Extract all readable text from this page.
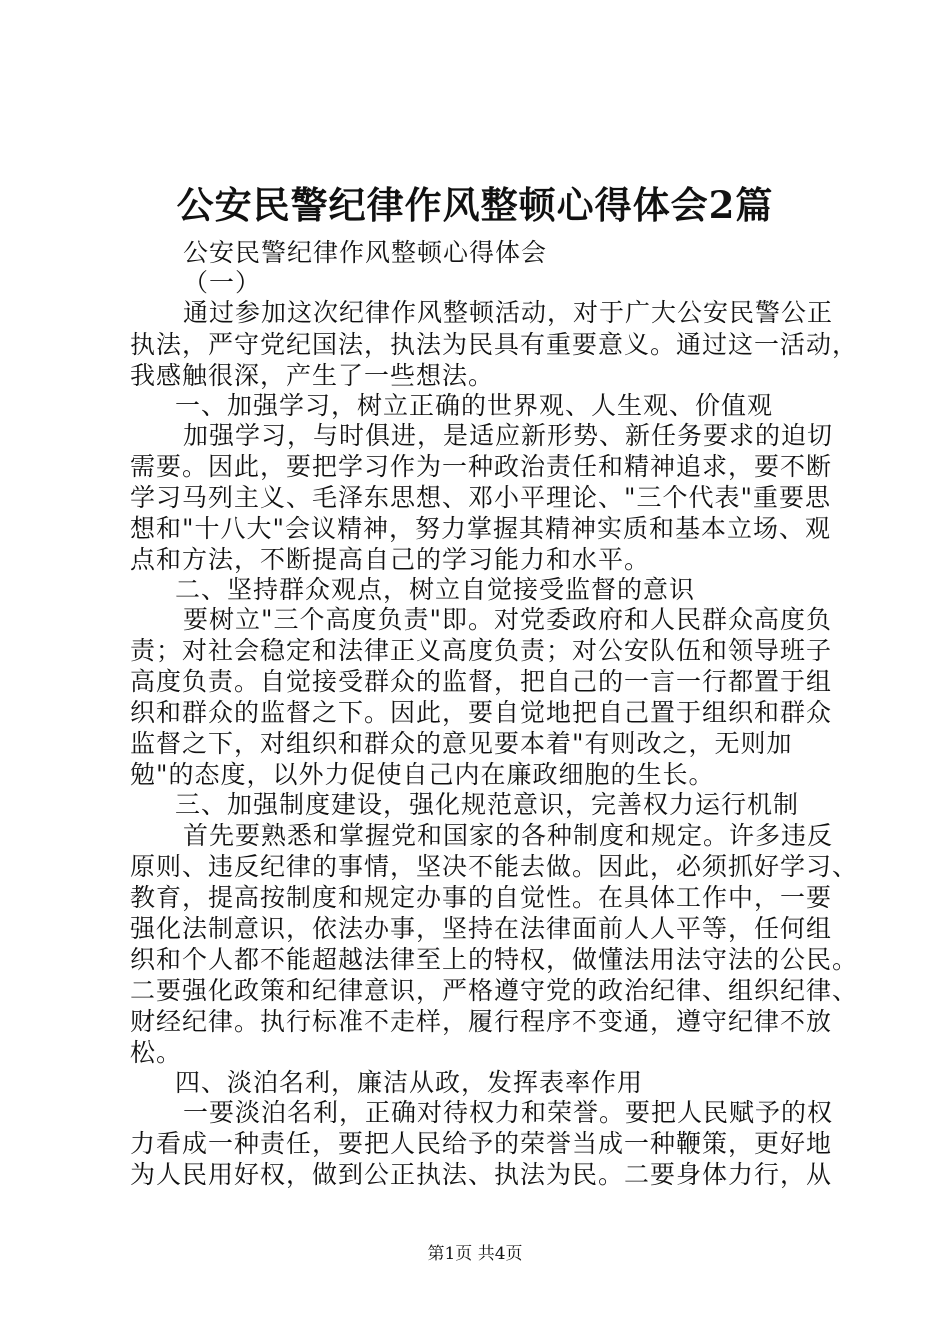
公安民警纪律作风整顿心得体会2篇
公安民警纪律作风整顿心得体会
（一）
通过参加这次纪律作风整顿活动，对于广大公安民警公正
执法，严守党纪国法，执法为民具有重要意义。通过这一活动，
我感触很深，产生了一些想法。
一、加强学习，树立正确的世界观、人生观、价值观
加强学习，与时俱进，是适应新形势、新任务要求的迫切
需要。因此，要把学习作为一种政治责任和精神追求，要不断
学习马列主义、毛泽东思想、邓小平理论、"三个代表"重要思
想和"十八大"会议精神，努力掌握其精神实质和基本立场、观
点和方法，不断提高自己的学习能力和水平。
二、坚持群众观点，树立自觉接受监督的意识
要树立"三个高度负责"即。对党委政府和人民群众高度负
责；对社会稳定和法律正义高度负责；对公安队伍和领导班子
高度负责。自觉接受群众的监督，把自己的一言一行都置于组
织和群众的监督之下。因此，要自觉地把自己置于组织和群众
监督之下，对组织和群众的意见要本着"有则改之，无则加
勉"的态度，以外力促使自己内在廉政细胞的生长。
三、加强制度建设，强化规范意识，完善权力运行机制
首先要熟悉和掌握党和国家的各种制度和规定。许多违反
原则、违反纪律的事情，坚决不能去做。因此，必须抓好学习、
教育，提高按制度和规定办事的自觉性。在具体工作中，一要
强化法制意识，依法办事，坚持在法律面前人人平等，任何组
织和个人都不能超越法律至上的特权，做懂法用法守法的公民。
二要强化政策和纪律意识，严格遵守党的政治纪律、组织纪律、
财经纪律。执行标准不走样，履行程序不变通，遵守纪律不放
松。
四、淡泊名利，廉洁从政，发挥表率作用
一要淡泊名利，正确对待权力和荣誉。要把人民赋予的权
力看成一种责任，要把人民给予的荣誉当成一种鞭策，更好地
为人民用好权，做到公正执法、执法为民。二要身体力行，从
第1页 共4页
